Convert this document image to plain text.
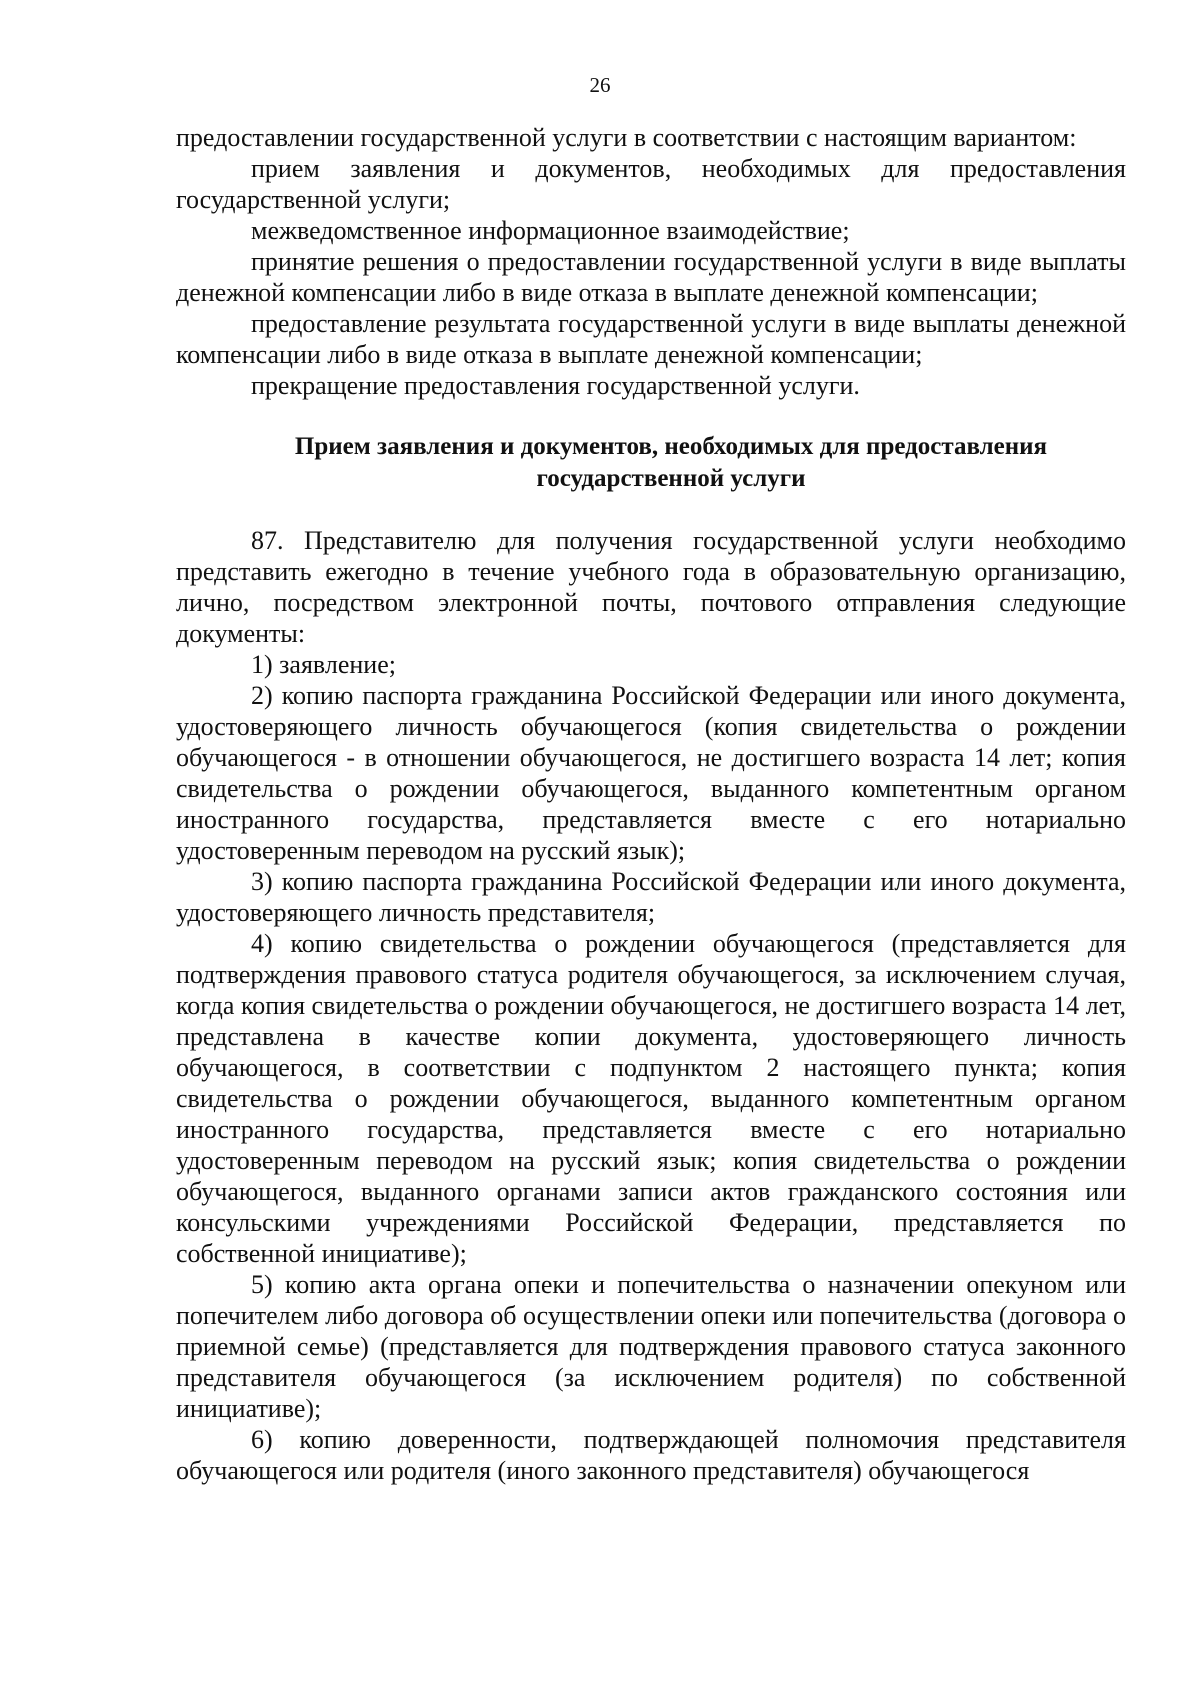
26

предоставлении государственной услуги в соответствии с настоящим вариантом:

прием заявления и документов, необходимых для предоставления государственной услуги;

межведомственное информационное взаимодействие;

принятие решения о предоставлении государственной услуги в виде выплаты денежной компенсации либо в виде отказа в выплате денежной компенсации;

предоставление результата государственной услуги в виде выплаты денежной компенсации либо в виде отказа в выплате денежной компенсации;

прекращение предоставления государственной услуги.

Прием заявления и документов, необходимых для предоставления государственной услуги

87. Представителю для получения государственной услуги необходимо представить ежегодно в течение учебного года в образовательную организацию, лично, посредством электронной почты, почтового отправления следующие документы:

1) заявление;

2) копию паспорта гражданина Российской Федерации или иного документа, удостоверяющего личность обучающегося (копия свидетельства о рождении обучающегося - в отношении обучающегося, не достигшего возраста 14 лет; копия свидетельства о рождении обучающегося, выданного компетентным органом иностранного государства, представляется вместе с его нотариально удостоверенным переводом на русский язык);

3) копию паспорта гражданина Российской Федерации или иного документа, удостоверяющего личность представителя;

4) копию свидетельства о рождении обучающегося (представляется для подтверждения правового статуса родителя обучающегося, за исключением случая, когда копия свидетельства о рождении обучающегося, не достигшего возраста 14 лет, представлена в качестве копии документа, удостоверяющего личность обучающегося, в соответствии с подпунктом 2 настоящего пункта; копия свидетельства о рождении обучающегося, выданного компетентным органом иностранного государства, представляется вместе с его нотариально удостоверенным переводом на русский язык; копия свидетельства о рождении обучающегося, выданного органами записи актов гражданского состояния или консульскими учреждениями Российской Федерации, представляется по собственной инициативе);

5) копию акта органа опеки и попечительства о назначении опекуном или попечителем либо договора об осуществлении опеки или попечительства (договора о приемной семье) (представляется для подтверждения правового статуса законного представителя обучающегося (за исключением родителя) по собственной инициативе);

6) копию доверенности, подтверждающей полномочия представителя обучающегося или родителя (иного законного представителя) обучающегося
